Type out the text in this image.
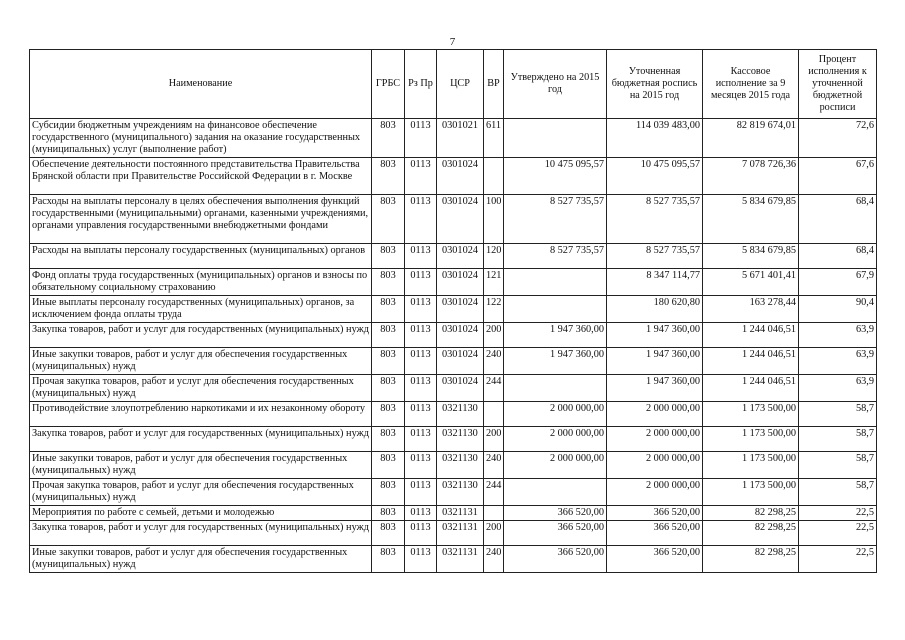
7
Наименование	ГРБС	Рз Пр	ЦСР	ВР	Утверждено на 2015 год	Уточненная бюджетная роспись на 2015 год	Кассовое исполнение за 9 месяцев 2015 года	Процент исполнения к уточненной бюджетной росписи
Субсидии бюджетным учреждениям на финансовое обеспечение государственного (муниципального) задания на оказание государственных (муниципальных) услуг (выполнение работ)	803	0113	0301021	611		114 039 483,00	82 819 674,01	72,6
Обеспечение деятельности постоянного представительства Правительства Брянской области при Правительстве Российской Федерации в г. Москве	803	0113	0301024		10 475 095,57	10 475 095,57	7 078 726,36	67,6
Расходы на выплаты персоналу в целях обеспечения выполнения функций государственными (муниципальными) органами, казенными учреждениями, органами управления государственными внебюджетными фондами	803	0113	0301024	100	8 527 735,57	8 527 735,57	5 834 679,85	68,4
Расходы на выплаты персоналу государственных (муниципальных) органов	803	0113	0301024	120	8 527 735,57	8 527 735,57	5 834 679,85	68,4
Фонд оплаты труда государственных (муниципальных) органов и взносы по обязательному социальному страхованию	803	0113	0301024	121		8 347 114,77	5 671 401,41	67,9
Иные выплаты персоналу государственных (муниципальных) органов, за исключением фонда оплаты труда	803	0113	0301024	122		180 620,80	163 278,44	90,4
Закупка товаров, работ и услуг для государственных (муниципальных) нужд	803	0113	0301024	200	1 947 360,00	1 947 360,00	1 244 046,51	63,9
Иные закупки товаров, работ и услуг для обеспечения государственных (муниципальных) нужд	803	0113	0301024	240	1 947 360,00	1 947 360,00	1 244 046,51	63,9
Прочая закупка товаров, работ и услуг для обеспечения государственных (муниципальных) нужд	803	0113	0301024	244		1 947 360,00	1 244 046,51	63,9
Противодействие злоупотреблению наркотиками и их незаконному обороту	803	0113	0321130		2 000 000,00	2 000 000,00	1 173 500,00	58,7
Закупка товаров, работ и услуг для государственных (муниципальных) нужд	803	0113	0321130	200	2 000 000,00	2 000 000,00	1 173 500,00	58,7
Иные закупки товаров, работ и услуг для обеспечения государственных (муниципальных) нужд	803	0113	0321130	240	2 000 000,00	2 000 000,00	1 173 500,00	58,7
Прочая закупка товаров, работ и услуг для обеспечения государственных (муниципальных) нужд	803	0113	0321130	244		2 000 000,00	1 173 500,00	58,7
Мероприятия по работе с семьей, детьми и молодежью	803	0113	0321131		366 520,00	366 520,00	82 298,25	22,5
Закупка товаров, работ и услуг для государственных (муниципальных) нужд	803	0113	0321131	200	366 520,00	366 520,00	82 298,25	22,5
Иные закупки товаров, работ и услуг для обеспечения государственных (муниципальных) нужд	803	0113	0321131	240	366 520,00	366 520,00	82 298,25	22,5
